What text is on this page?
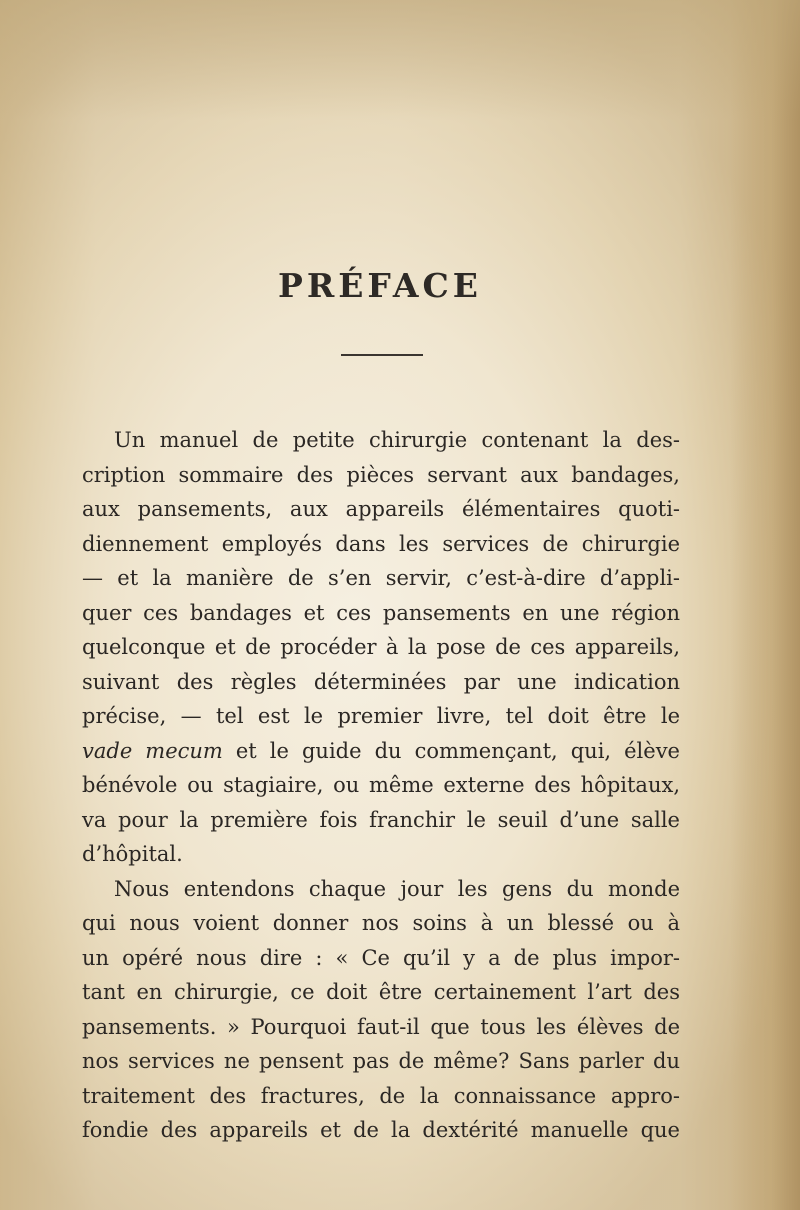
PRÉFACE
Un manuel de petite chirurgie contenant la des-
cription sommaire des pièces servant aux bandages,
aux pansements, aux appareils élémentaires quoti-
diennement employés dans les services de chirurgie
— et la manière de s’en servir, c’est-à-dire d’appli-
quer ces bandages et ces pansements en une région
quelconque et de procéder à la pose de ces appareils,
suivant des règles déterminées par une indication
précise, — tel est le premier livre, tel doit être le
vade mecum et le guide du commençant, qui, élève
bénévole ou stagiaire, ou même externe des hôpitaux,
va pour la première fois franchir le seuil d’une salle
d’hôpital.
Nous entendons chaque jour les gens du monde
qui nous voient donner nos soins à un blessé ou à
un opéré nous dire : « Ce qu’il y a de plus impor-
tant en chirurgie, ce doit être certainement l’art des
pansements. » Pourquoi faut-il que tous les élèves de
nos services ne pensent pas de même? Sans parler du
traitement des fractures, de la connaissance appro-
fondie des appareils et de la dextérité manuelle que
